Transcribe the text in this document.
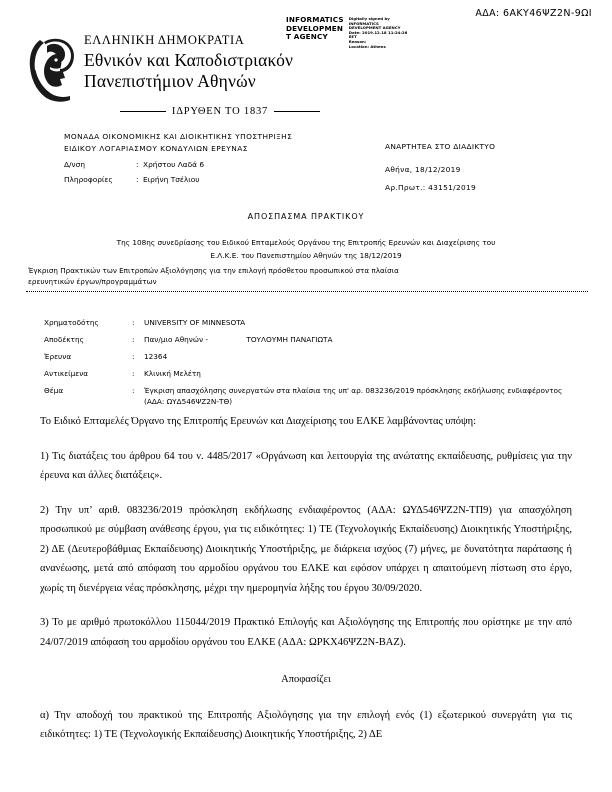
ΑΔΑ: 6ΑΚΥ46ΨΖ2Ν-9ΩΙ
INFORMATICS
DEVELOPMEN
T AGENCY
Digitally signed by
INFORMATICS
DEVELOPMENT AGENCY
Date: 2019.12.18 11:24:26
EET
Reason:
Location: Athens
ΕΛΛΗΝΙΚΗ ΔΗΜΟΚΡΑΤΙΑ
Εθνικόν και Καποδιστριακόν
Πανεπιστήμιον Αθηνών
ΙΔΡΥΘΕΝ ΤΟ 1837
ΜΟΝΑΔΑ ΟΙΚΟΝΟΜΙΚΗΣ ΚΑΙ ΔΙΟΙΚΗΤΙΚΗΣ ΥΠΟΣΤΗΡΙΞΗΣ
ΕΙΔΙΚΟΥ ΛΟΓΑΡΙΑΣΜΟΥ ΚΟΝΔΥΛΙΩΝ ΕΡΕΥΝΑΣ
Δ/νση	: Χρήστου Λαδά 6
Πληροφορίες	: Ειρήνη Τσέλιου
ΑΝΑΡΤΗΤΕΑ ΣΤΟ ΔΙΑΔΙΚΤΥΟ
Αθήνα, 18/12/2019
Αρ.Πρωτ.: 43151/2019
ΑΠΟΣΠΑΣΜΑ ΠΡΑΚΤΙΚΟΥ
Της 108ης συνεδρίασης του Ειδικού Επταμελούς Οργάνου της Επιτροπής Ερευνών και Διαχείρισης του
Ε.Λ.Κ.Ε. του Πανεπιστημίου Αθηνών της 18/12/2019
Έγκριση Πρακτικών των Επιτροπών Αξιολόγησης για την επιλογή πρόσθετου προσωπικού στα πλαίσια
ερευνητικών έργων/προγραμμάτων
Χρηματοδότης	:	UNIVERSITY OF MINNESOTA
Αποδέκτης	:	Παν/μιο Αθηνών -	ΤΟΥΛΟΥΜΗ ΠΑΝΑΓΙΩΤΑ
Έρευνα	:	12364
Αντικείμενα	:	Κλινική Μελέτη
Θέμα	:	Έγκριση απασχόλησης συνεργατών στα πλαίσια της υπ' αρ. 083236/2019 πρόσκλησης εκδήλωσης ενδιαφέροντος (ΑΔΑ: ΩΥΔ546ΨΖ2Ν-ΤΘ)

Το Ειδικό Επταμελές Όργανο της Επιτροπής Ερευνών και Διαχείρισης του ΕΛΚΕ λαμβάνοντας υπόψη:

1) Τις διατάξεις του άρθρου 64 του ν. 4485/2017 «Οργάνωση και λειτουργία της ανώτατης εκπαίδευσης, ρυθμίσεις για την έρευνα και άλλες διατάξεις».

2) Την υπ’ αριθ. 083236/2019 πρόσκληση εκδήλωσης ενδιαφέροντος (ΑΔΑ: ΩΥΔ546ΨΖ2Ν-ΤΠ9) για απασχόληση προσωπικού με σύμβαση ανάθεσης έργου, για τις ειδικότητες: 1) ΤΕ (Τεχνολογικής Εκπαίδευσης) Διοικητικής Υποστήριξης, 2) ΔΕ (Δευτεροβάθμιας Εκπαίδευσης) Διοικητικής Υποστήριξης, με διάρκεια ισχύος (7) μήνες, με δυνατότητα παράτασης ή ανανέωσης, μετά από απόφαση του αρμοδίου οργάνου του ΕΛΚΕ και εφόσον υπάρχει η απαιτούμενη πίστωση στο έργο, χωρίς τη διενέργεια νέας πρόσκλησης, μέχρι την ημερομηνία λήξης του έργου 30/09/2020.

3) Το με αριθμό πρωτοκόλλου 115044/2019 Πρακτικό Επιλογής και Αξιολόγησης της Επιτροπής που ορίστηκε με την από 24/07/2019 απόφαση του αρμοδίου οργάνου του ΕΛΚΕ (ΑΔΑ: ΩΡΚΧ46ΨΖ2Ν-ΒΑΖ).

Αποφασίζει

α) Την αποδοχή του πρακτικού της Επιτροπής Αξιολόγησης για την επιλογή ενός (1) εξωτερικού συνεργάτη για τις ειδικότητες: 1) ΤΕ (Τεχνολογικής Εκπαίδευσης) Διοικητικής Υποστήριξης, 2) ΔΕ
